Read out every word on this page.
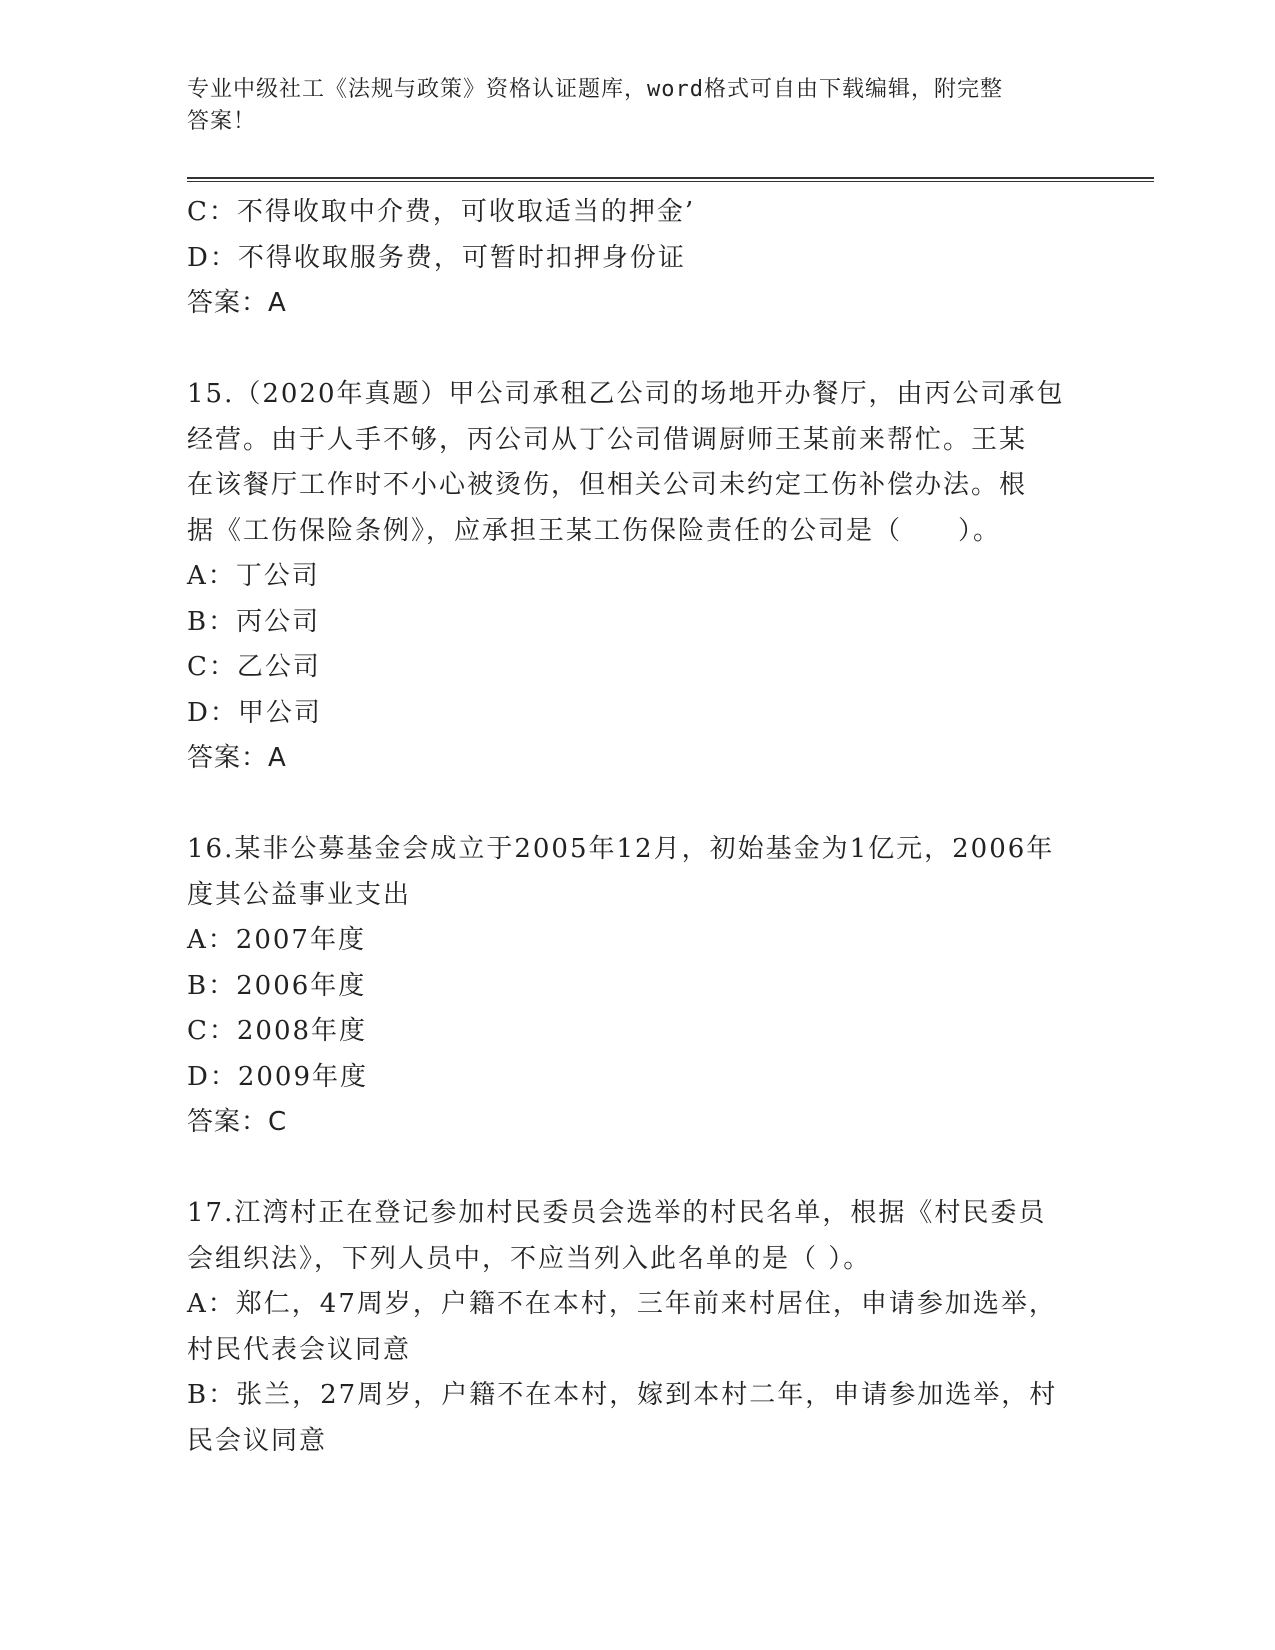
专业中级社工《法规与政策》资格认证题库，word格式可自由下载编辑，附完整
答案！
C：不得收取中介费，可收取适当的押金’
D：不得收取服务费，可暂时扣押身份证
答案：A
15.（2020年真题）甲公司承租乙公司的场地开办餐厅，由丙公司承包
经营。由于人手不够，丙公司从丁公司借调厨师王某前来帮忙。王某
在该餐厅工作时不小心被烫伤，但相关公司未约定工伤补偿办法。根
据《工伤保险条例》，应承担王某工伤保险责任的公司是（　　）。
A：丁公司
B：丙公司
C：乙公司
D：甲公司
答案：A
16.某非公募基金会成立于2005年12月，初始基金为1亿元，2006年
度其公益事业支出
A：2007年度
B：2006年度
C：2008年度
D：2009年度
答案：C
17.江湾村正在登记参加村民委员会选举的村民名单，根据《村民委员
会组织法》，下列人员中，不应当列入此名单的是（ ）。
A：郑仁，47周岁，户籍不在本村，三年前来村居住，申请参加选举，
村民代表会议同意
B：张兰，27周岁，户籍不在本村，嫁到本村二年，申请参加选举，村
民会议同意
